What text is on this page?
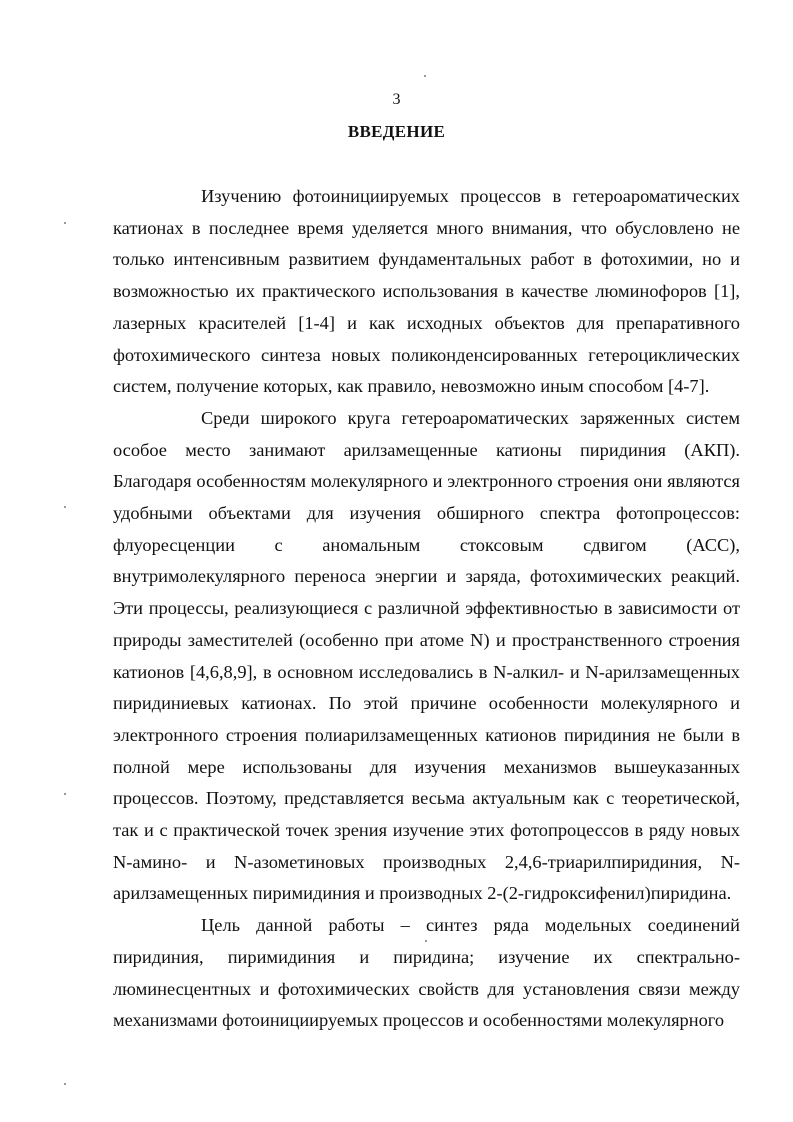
3
ВВЕДЕНИЕ

Изучению фотоинициируемых процессов в гетероароматических катионах в последнее время уделяется много внимания, что обусловлено не только интенсивным развитием фундаментальных работ в фотохимии, но и возможностью их практического использования в качестве люминофоров [1], лазерных красителей [1-4] и как исходных объектов для препаративного фотохимического синтеза новых поликонденсированных гетероциклических систем, получение которых, как правило, невозможно иным способом [4-7].

Среди широкого круга гетероароматических заряженных систем особое место занимают арилзамещенные катионы пиридиния (АКП). Благодаря особенностям молекулярного и электронного строения они являются удобными объектами для изучения обширного спектра фотопроцессов: флуоресценции с аномальным стоксовым сдвигом (АСС), внутримолекулярного переноса энергии и заряда, фотохимических реакций. Эти процессы, реализующиеся с различной эффективностью в зависимости от природы заместителей (особенно при атоме N) и пространственного строения катионов [4,6,8,9], в основном исследовались в N-алкил- и N-арилзамещенных пиридиниевых катионах. По этой причине особенности молекулярного и электронного строения полиарилзамещенных катионов пиридиния не были в полной мере использованы для изучения механизмов вышеуказанных процессов. Поэтому, представляется весьма актуальным как с теоретической, так и с практической точек зрения изучение этих фотопроцессов в ряду новых N-амино- и N-азометиновых производных 2,4,6-триарилпиридиния, N-арилзамещенных пиримидиния и производных 2-(2-гидроксифенил)пиридина.

Цель данной работы – синтез ряда модельных соединений пиридиния, пиримидиния и пиридина; изучение их спектрально-люминесцентных и фотохимических свойств для установления связи между механизмами фотоинициируемых процессов и особенностями молекулярного
